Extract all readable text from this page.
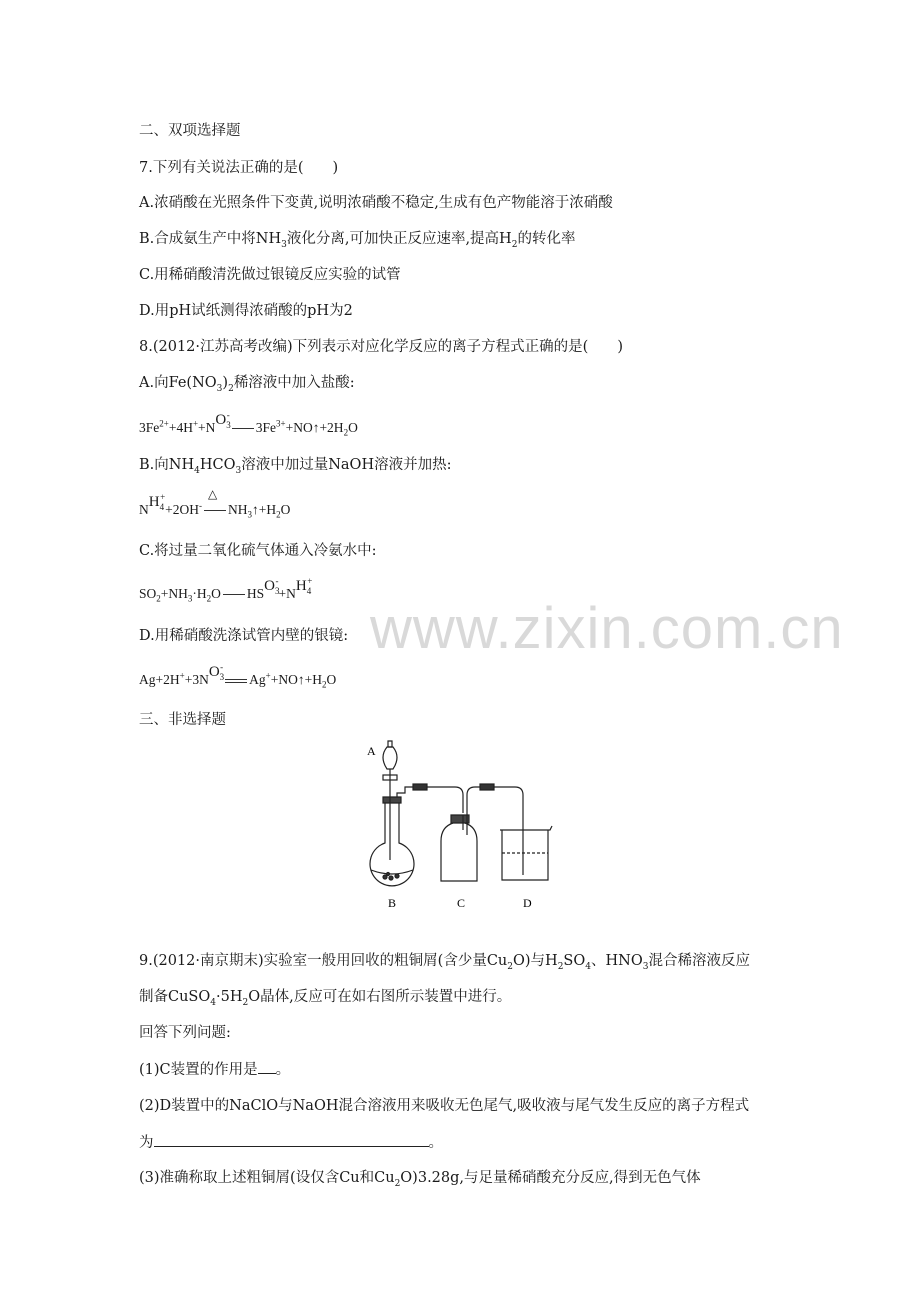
www.zixin.com.cn
二、双项选择题
7.下列有关说法正确的是(　　)
A.浓硝酸在光照条件下变黄,说明浓硝酸不稳定,生成有色产物能溶于浓硝酸
B.合成氨生产中将$NH_3$液化分离,可加快正反应速率,提高$H_2$的转化率
C.用稀硝酸清洗做过银镜反应实验的试管
D.用pH试纸测得浓硝酸的pH为2
8.(2012·江苏高考改编)下列表示对应化学反应的离子方程式正确的是(　　)
A.向$Fe(NO_3)_2$稀溶液中加入盐酸:
$3Fe^{2+}+4H^++NO_3^-3Fe^{3+}+NO↑+2H_2O$
B.向$NH_4HCO_3$溶液中加过量NaOH溶液并加热:
$NH_4^++2OH^-$
△
$NH_3↑+H_2O$
C.将过量二氧化硫气体通入冷氨水中:
$SO_2+NH_3\cdot H_2O$ $HSO_3^-+NH_4^+$
D.用稀硝酸洗涤试管内壁的银镜:
$Ag+2H^++3NO_3^-Ag^++NO↑+H_2O$
三、非选择题
A
B	C	D
9.(2012·南京期末)实验室一般用回收的粗铜屑(含少量$Cu_2O$)与$H_2SO_4$、$HNO_3$混合稀溶液反应
制备$CuSO_4\cdot 5H_2O$晶体,反应可在如右图所示装置中进行。
回答下列问题:
(1)C装置的作用是 。
(2)D装置中的NaClO与NaOH混合溶液用来吸收无色尾气,吸收液与尾气发生反应的离子方程式
为	。
(3)准确称取上述粗铜屑(设仅含Cu和$Cu_2O)3.28g$,与足量稀硝酸充分反应,得到无色气体
